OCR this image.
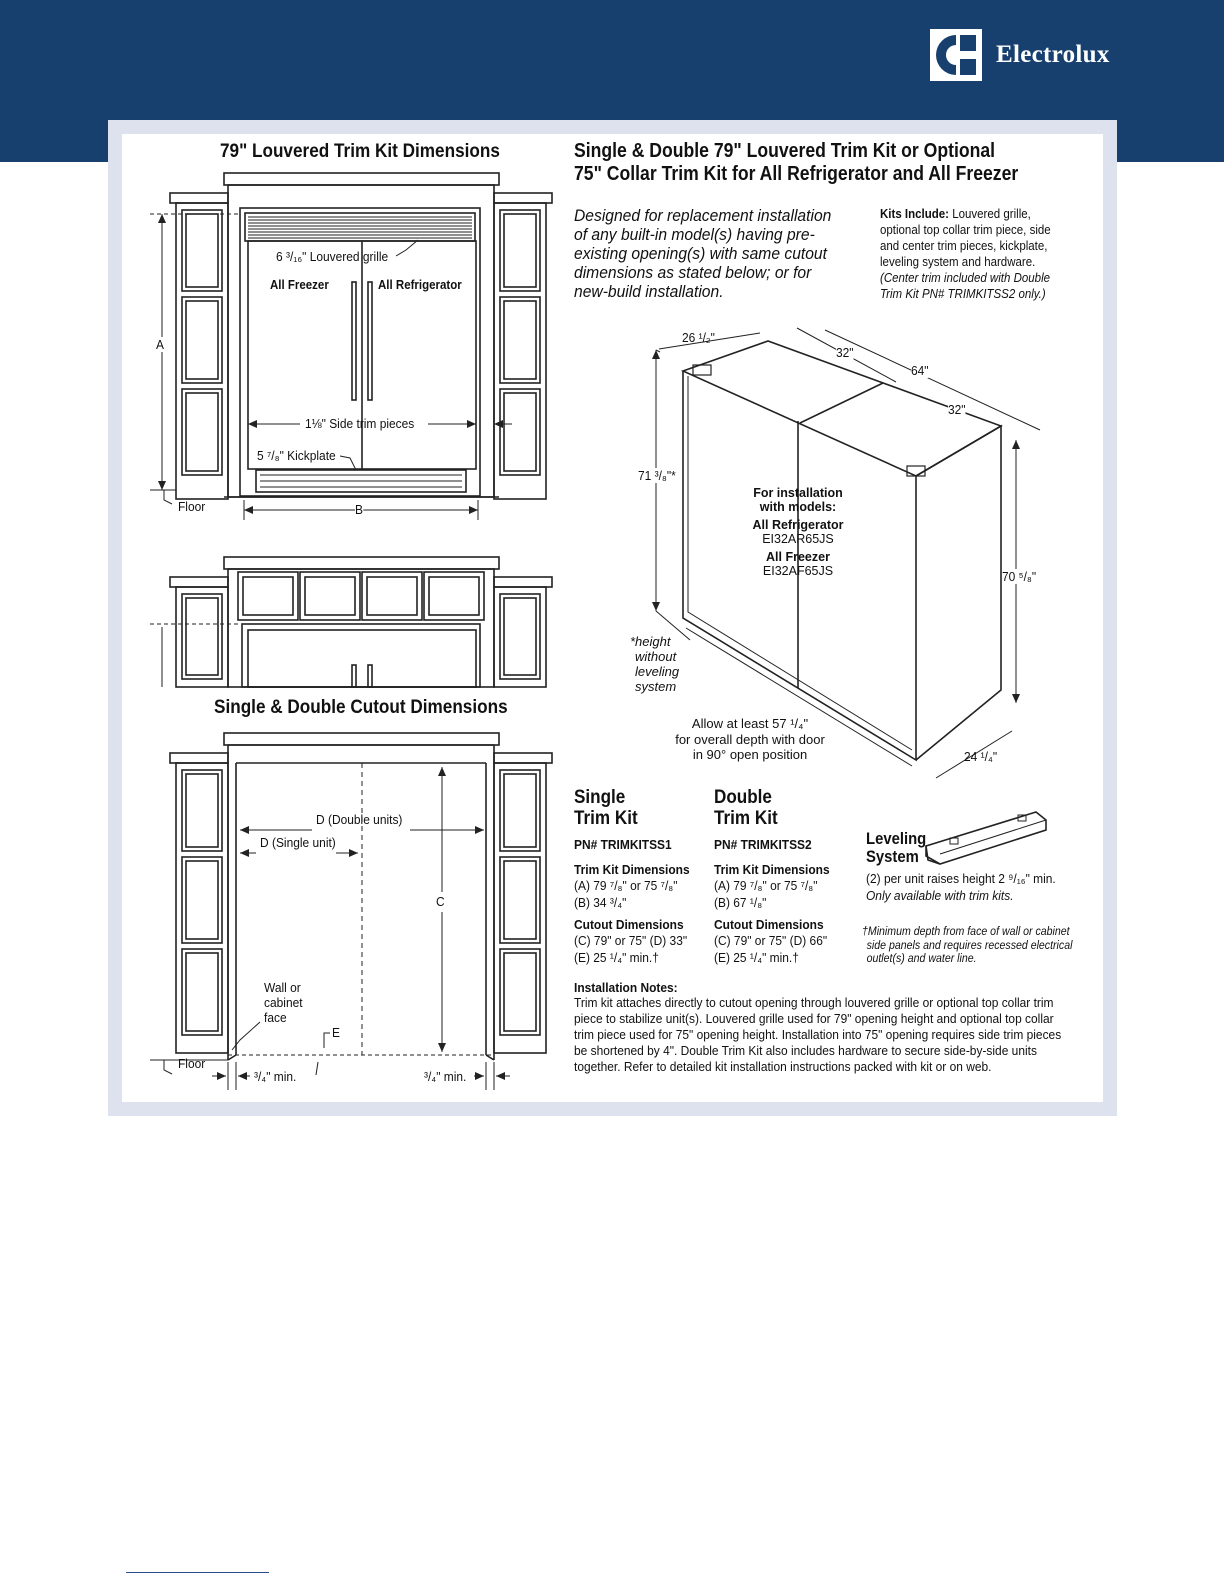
Electrolux
79" Louvered Trim Kit Dimensions
6 ³/₁₆" Louvered grille
All Freezer	All Refrigerator
1⅛" Side trim pieces
5 ⁷/₈" Kickplate
A
B
Floor
Single & Double Cutout Dimensions
D (Double units)
D (Single unit)
C
Wall or
cabinet
face
E
Floor
³/₄" min.	³/₄" min.
Single & Double 79" Louvered Trim Kit or Optional
75" Collar Trim Kit for All Refrigerator and All Freezer
Designed for replacement installation of any built-in model(s) having pre-existing opening(s) with same cutout dimensions as stated below; or for new-build installation.
Kits Include: Louvered grille,
optional top collar trim piece, side
and center trim pieces, kickplate,
leveling system and hardware.
(Center trim included with Double
Trim Kit PN# TRIMKITSS2 only.)
26 ¹/₂"
32"
64"
32"
71 ³/₈"*
70 ⁵/₈"
24 ¹/₄"
For installation
with models:
All Refrigerator
EI32AR65JS
All Freezer
EI32AF65JS
*height
without
leveling
system
Allow at least 57 ¹/₄"
for overall depth with door
in 90° open position
Single
Trim Kit
PN# TRIMKITSS1
Trim Kit Dimensions
(A) 79 ⁷/₈" or 75 ⁷/₈"
(B) 34 ³/₄"
Cutout Dimensions
(C) 79" or 75" (D) 33"
(E) 25 ¹/₄" min.†
Double
Trim Kit
PN# TRIMKITSS2
Trim Kit Dimensions
(A) 79 ⁷/₈" or 75 ⁷/₈"
(B) 67 ¹/₈"
Cutout Dimensions
(C) 79" or 75" (D) 66"
(E) 25 ¹/₄" min.†
Leveling
System
(2) per unit raises height 2 ⁹/₁₆" min.
Only available with trim kits.
†Minimum depth from face of wall or cabinet
side panels and requires recessed electrical
outlet(s) and water line.
Installation Notes:
Trim kit attaches directly to cutout opening through louvered grille or optional top collar trim piece to stabilize unit(s). Louvered grille used for 79" opening height and optional top collar trim piece used for 75" opening height. Installation into 75" opening requires side trim pieces be shortened by 4". Double Trim Kit also includes hardware to secure side-by-side units together. Refer to detailed kit installation instructions packed with kit or on web.
